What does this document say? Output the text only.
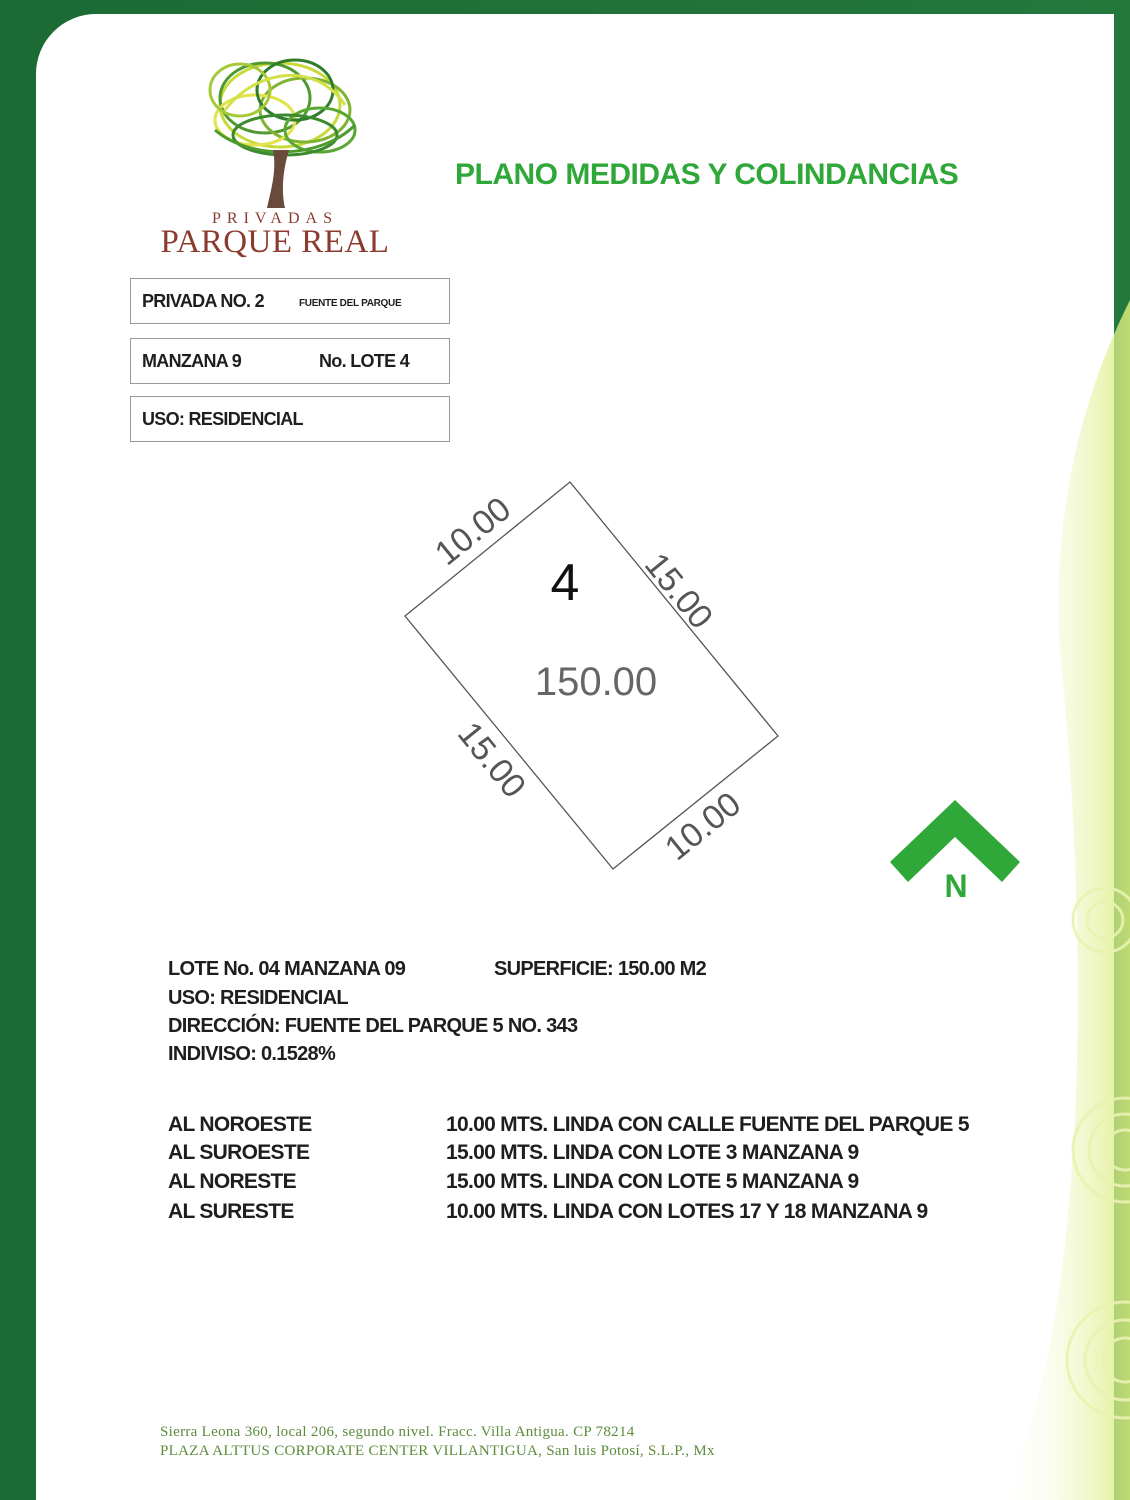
PRIVADAS
PARQUE REAL
PLANO MEDIDAS Y COLINDANCIAS
PRIVADA NO. 2	FUENTE DEL PARQUE
MANZANA 9	No. LOTE 4
USO: RESIDENCIAL
4
150.00
10.00
15.00
15.00
10.00
N
LOTE No. 04 MANZANA 09	SUPERFICIE: 150.00 M2
USO: RESIDENCIAL
DIRECCIÓN: FUENTE DEL PARQUE 5 NO. 343
INDIVISO: 0.1528%
AL NOROESTE	10.00 MTS. LINDA CON CALLE FUENTE DEL PARQUE 5
AL SUROESTE	15.00 MTS. LINDA CON LOTE 3 MANZANA 9
AL NORESTE	15.00 MTS. LINDA CON LOTE 5 MANZANA 9
AL SURESTE	10.00 MTS. LINDA CON LOTES 17 Y 18 MANZANA 9
Sierra Leona 360, local 206, segundo nivel. Fracc. Villa Antigua. CP 78214
PLAZA ALTTUS CORPORATE CENTER VILLANTIGUA, San luis Potosí, S.L.P., Mx
